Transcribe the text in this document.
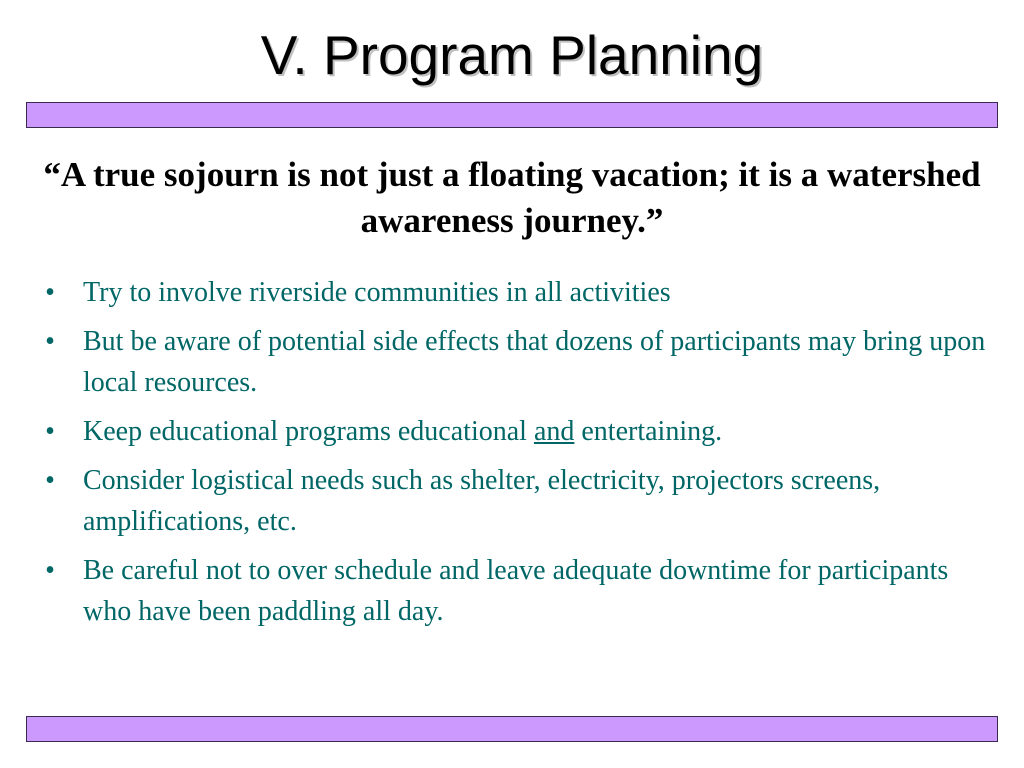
V. Program Planning
“A true sojourn is not just a floating vacation; it is a watershed awareness journey.”
• Try to involve riverside communities in all activities
• But be aware of potential side effects that dozens of participants may bring upon local resources.
• Keep educational programs educational and entertaining.
• Consider logistical needs such as shelter, electricity, projectors screens, amplifications, etc.
• Be careful not to over schedule and leave adequate downtime for participants who have been paddling all day.
